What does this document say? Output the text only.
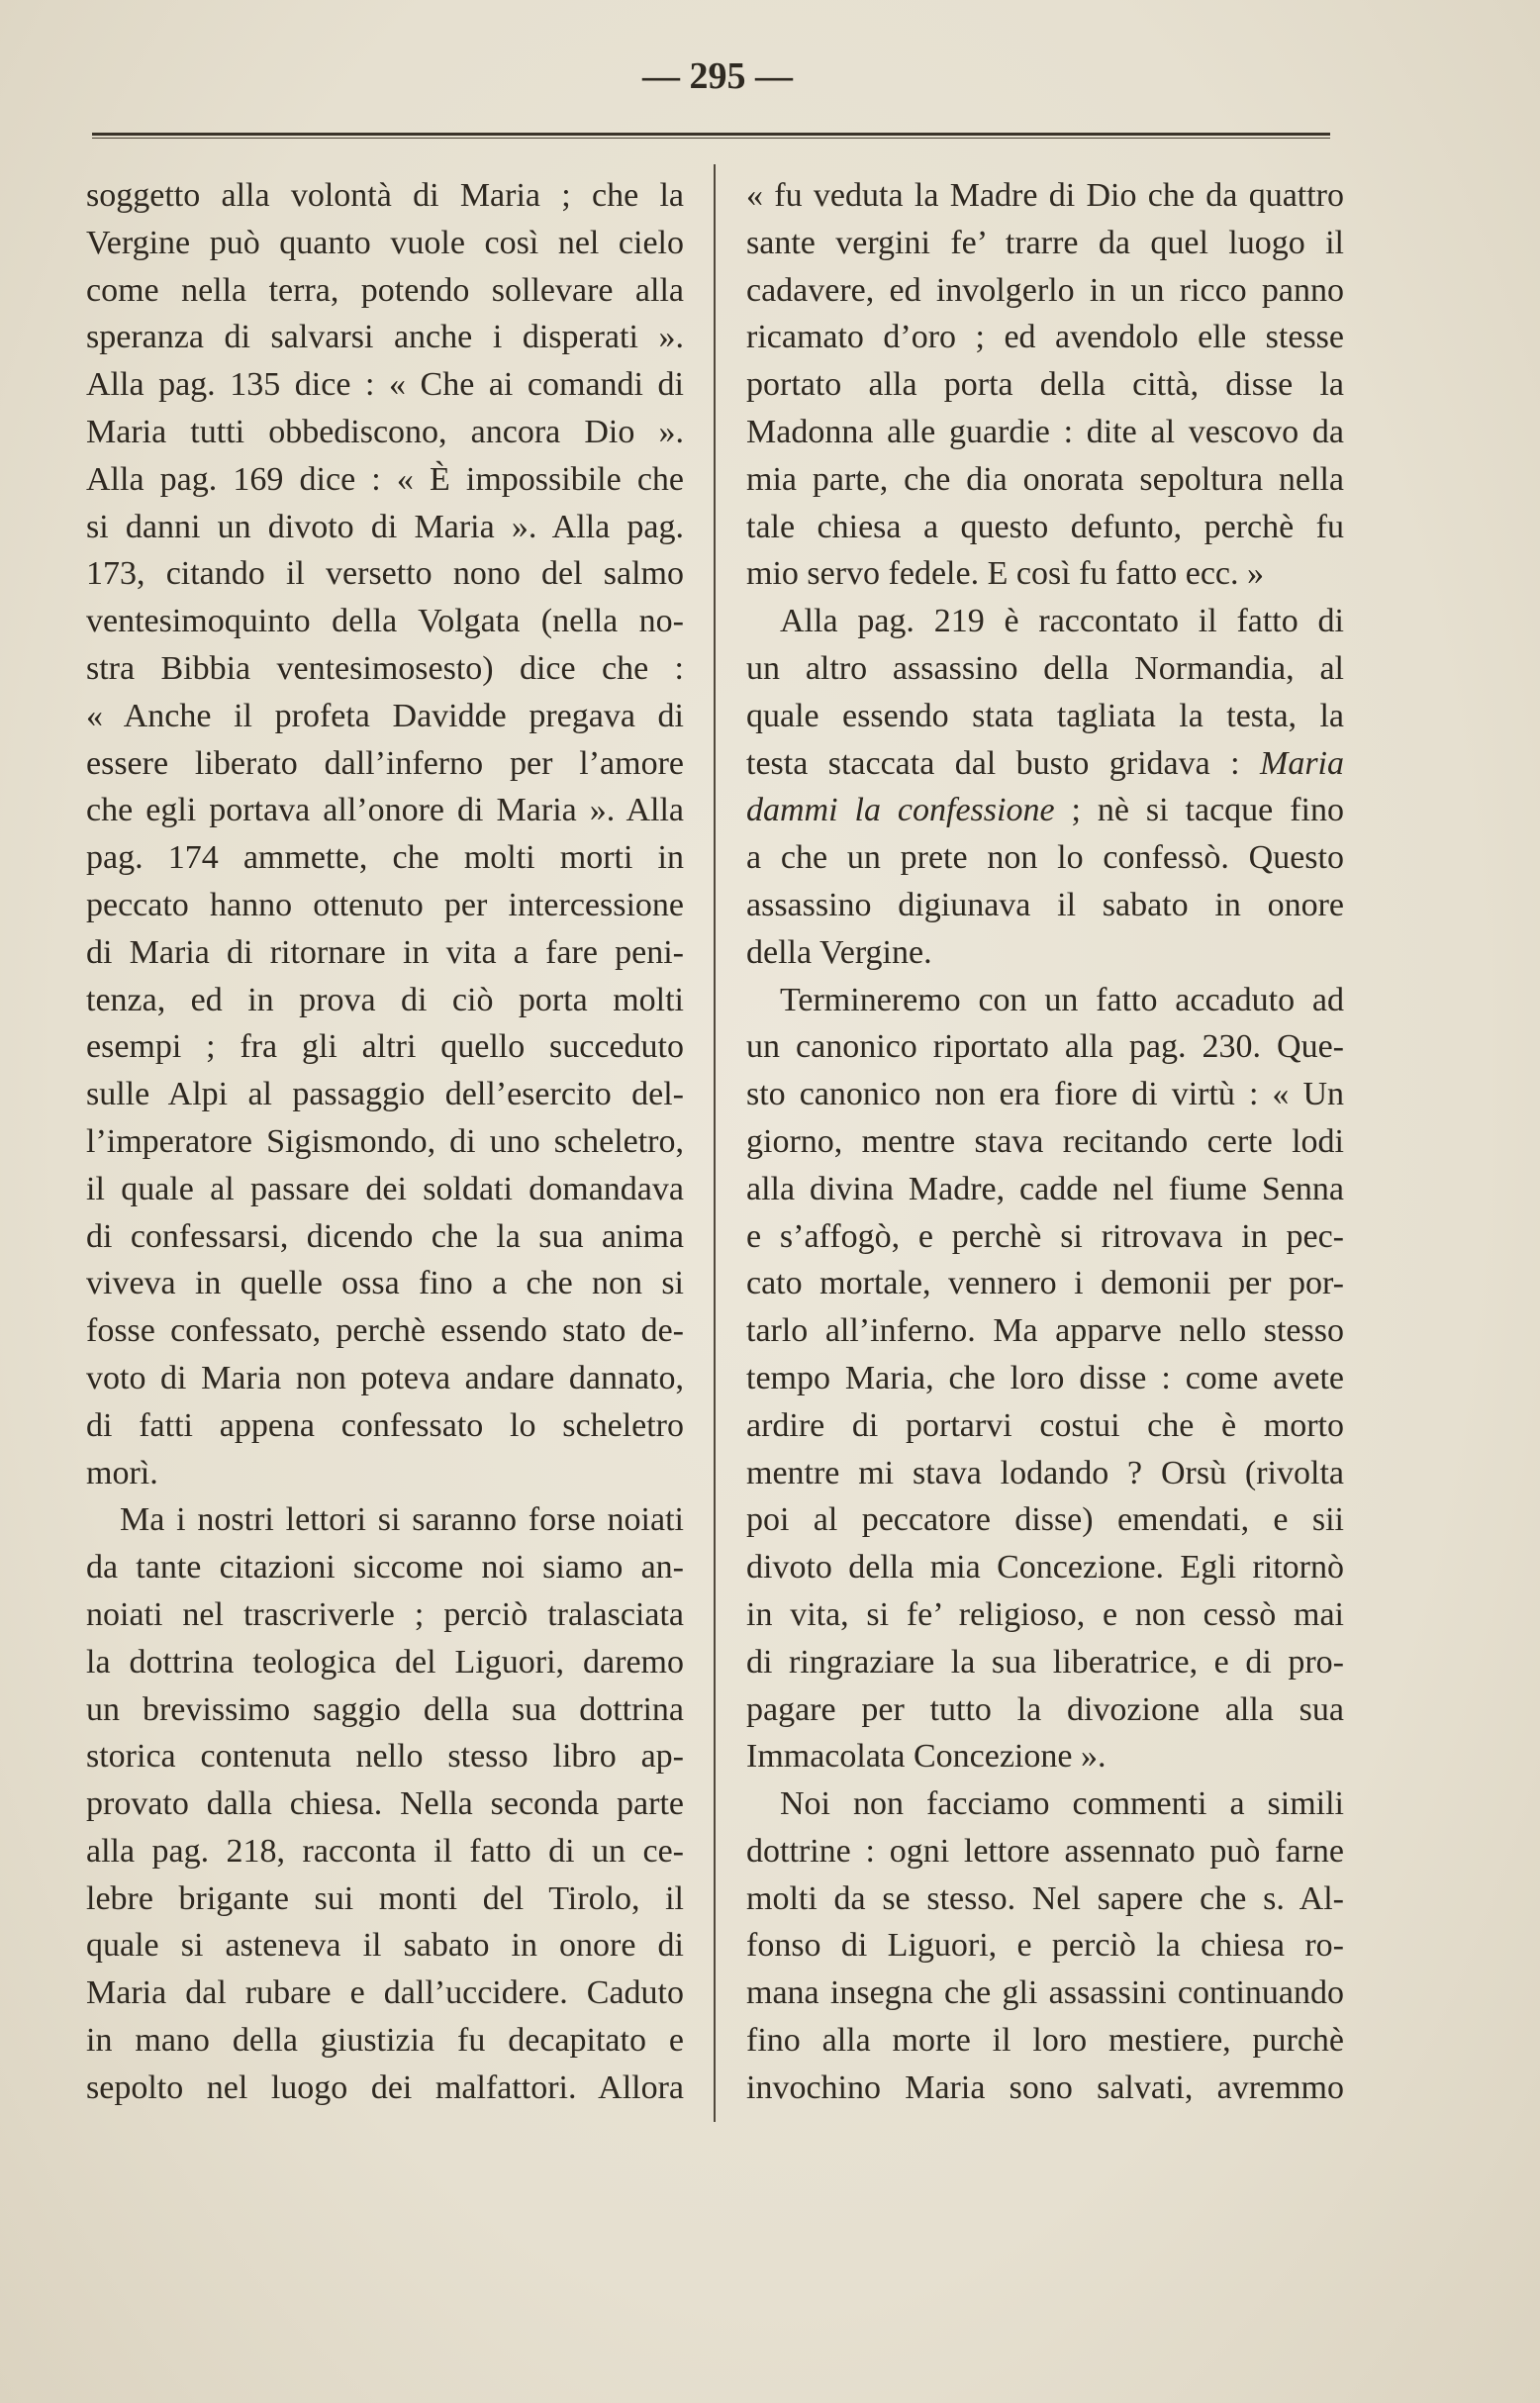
— 295 —
soggetto alla volontà di Maria ; che la
Vergine può quanto vuole così nel cielo
come nella terra, potendo sollevare alla
speranza di salvarsi anche i disperati ».
Alla pag. 135 dice : « Che ai comandi di
Maria tutti obbediscono, ancora Dio ».
Alla pag. 169 dice : « È impossibile che
si danni un divoto di Maria ». Alla pag.
173, citando il versetto nono del salmo
ventesimoquinto della Volgata (nella no-
stra Bibbia ventesimosesto) dice che :
« Anche il profeta Davidde pregava di
essere liberato dall’inferno per l’amore
che egli portava all’onore di Maria ». Alla
pag. 174 ammette, che molti morti in
peccato hanno ottenuto per intercessione
di Maria di ritornare in vita a fare peni-
tenza, ed in prova di ciò porta molti
esempi ; fra gli altri quello succeduto
sulle Alpi al passaggio dell’esercito del-
l’imperatore Sigismondo, di uno scheletro,
il quale al passare dei soldati domandava
di confessarsi, dicendo che la sua anima
viveva in quelle ossa fino a che non si
fosse confessato, perchè essendo stato de-
voto di Maria non poteva andare dannato,
di fatti appena confessato lo scheletro
morì.
Ma i nostri lettori si saranno forse noiati
da tante citazioni siccome noi siamo an-
noiati nel trascriverle ; perciò tralasciata
la dottrina teologica del Liguori, daremo
un brevissimo saggio della sua dottrina
storica contenuta nello stesso libro ap-
provato dalla chiesa. Nella seconda parte
alla pag. 218, racconta il fatto di un ce-
lebre brigante sui monti del Tirolo, il
quale si asteneva il sabato in onore di
Maria dal rubare e dall’uccidere. Caduto
in mano della giustizia fu decapitato e
sepolto nel luogo dei malfattori. Allora
« fu veduta la Madre di Dio che da quattro
sante vergini fe’ trarre da quel luogo il
cadavere, ed involgerlo in un ricco panno
ricamato d’oro ; ed avendolo elle stesse
portato alla porta della città, disse la
Madonna alle guardie : dite al vescovo da
mia parte, che dia onorata sepoltura nella
tale chiesa a questo defunto, perchè fu
mio servo fedele. E così fu fatto ecc. »
Alla pag. 219 è raccontato il fatto di
un altro assassino della Normandia, al
quale essendo stata tagliata la testa, la
testa staccata dal busto gridava : Maria
dammi la confessione ; nè si tacque fino
a che un prete non lo confessò. Questo
assassino digiunava il sabato in onore
della Vergine.
Termineremo con un fatto accaduto ad
un canonico riportato alla pag. 230. Que-
sto canonico non era fiore di virtù : « Un
giorno, mentre stava recitando certe lodi
alla divina Madre, cadde nel fiume Senna
e s’affogò, e perchè si ritrovava in pec-
cato mortale, vennero i demonii per por-
tarlo all’inferno. Ma apparve nello stesso
tempo Maria, che loro disse : come avete
ardire di portarvi costui che è morto
mentre mi stava lodando ? Orsù (rivolta
poi al peccatore disse) emendati, e sii
divoto della mia Concezione. Egli ritornò
in vita, si fe’ religioso, e non cessò mai
di ringraziare la sua liberatrice, e di pro-
pagare per tutto la divozione alla sua
Immacolata Concezione ».
Noi non facciamo commenti a simili
dottrine : ogni lettore assennato può farne
molti da se stesso. Nel sapere che s. Al-
fonso di Liguori, e perciò la chiesa ro-
mana insegna che gli assassini continuando
fino alla morte il loro mestiere, purchè
invochino Maria sono salvati, avremmo
